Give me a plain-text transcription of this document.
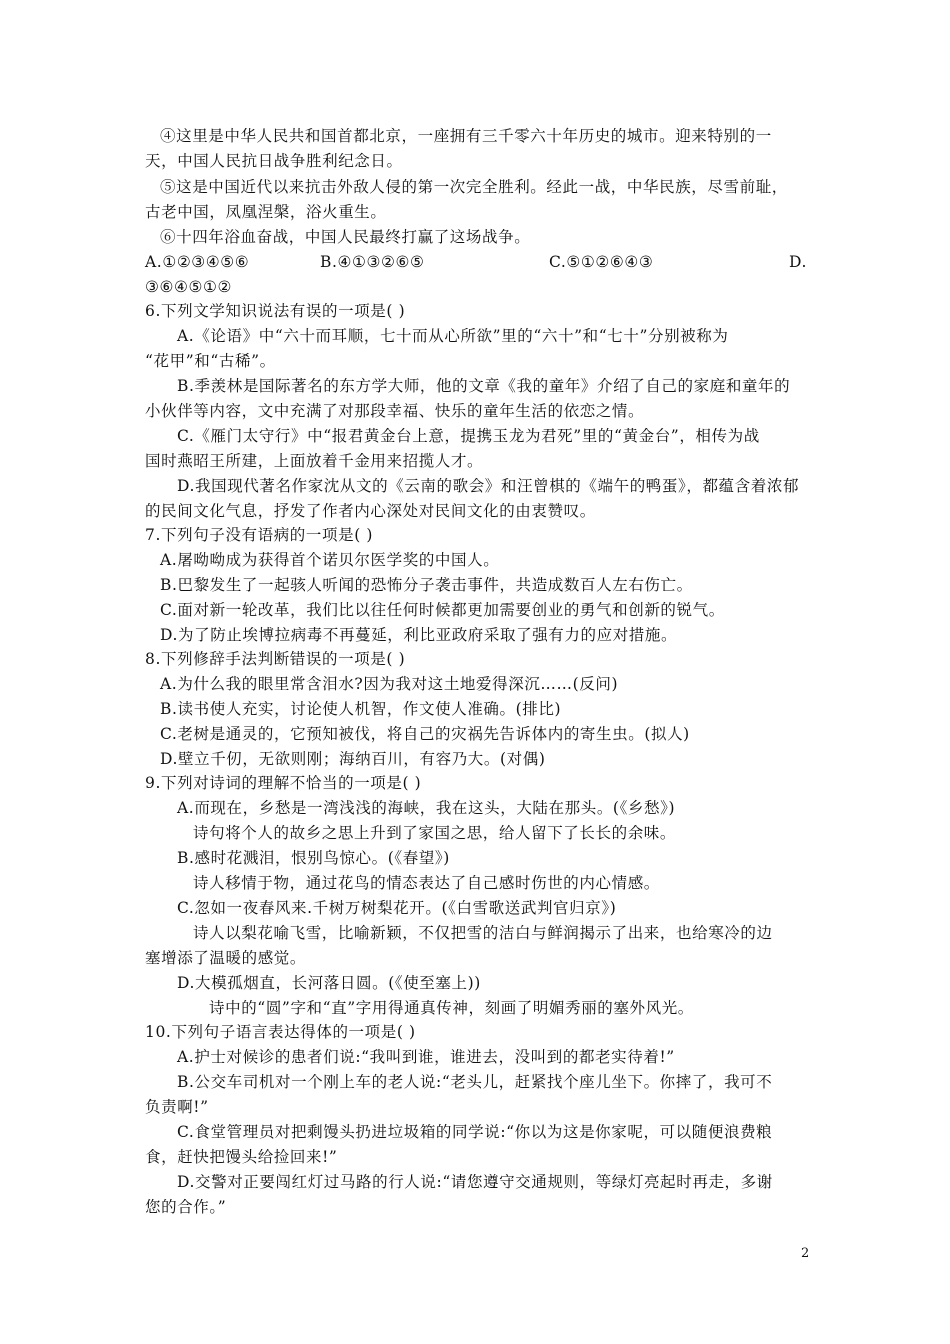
④这里是中华人民共和国首都北京，一座拥有三千零六十年历史的城市。迎来特别的一
天，中国人民抗日战争胜利纪念日。
⑤这是中国近代以来抗击外敌人侵的第一次完全胜利。经此一战，中华民族，尽雪前耻，
古老中国，凤凰涅槃，浴火重生。
⑥十四年浴血奋战，中国人民最终打赢了这场战争。
A.①②③④⑤⑥	B.④①③②⑥⑤	C.⑤①②⑥④③	D.
③⑥④⑤①②
6.下列文学知识说法有误的一项是( )
A.《论语》中“六十而耳顺，七十而从心所欲”里的“六十”和“七十”分别被称为
“花甲”和“古稀”。
B.季羡林是国际著名的东方学大师，他的文章《我的童年》介绍了自己的家庭和童年的
小伙伴等内容，文中充满了对那段幸福、快乐的童年生活的依恋之情。
C.《雁门太守行》中“报君黄金台上意，提携玉龙为君死”里的“黄金台”，相传为战
国时燕昭王所建，上面放着千金用来招揽人才。
D.我国现代著名作家沈从文的《云南的歌会》和汪曾棋的《端午的鸭蛋》，都蕴含着浓郁
的民间文化气息，抒发了作者内心深处对民间文化的由衷赞叹。
7.下列句子没有语病的一项是( )
A.屠呦呦成为获得首个诺贝尔医学奖的中国人。
B.巴黎发生了一起骇人听闻的恐怖分子袭击事件，共造成数百人左右伤亡。
C.面对新一轮改革，我们比以往任何时候都更加需要创业的勇气和创新的锐气。
D.为了防止埃博拉病毒不再蔓延，利比亚政府采取了强有力的应对措施。
8.下列修辞手法判断错误的一项是( )
A.为什么我的眼里常含泪水?因为我对这土地爱得深沉……(反问)
B.读书使人充实，讨论使人机智，作文使人准确。(排比)
C.老树是通灵的，它预知被伐，将自己的灾祸先告诉体内的寄生虫。(拟人)
D.壁立千仞，无欲则刚；海纳百川，有容乃大。(对偶)
9.下列对诗词的理解不恰当的一项是( )
A.而现在，乡愁是一湾浅浅的海峡，我在这头，大陆在那头。(《乡愁》)
诗句将个人的故乡之思上升到了家国之思，给人留下了长长的余味。
B.感时花溅泪，恨别鸟惊心。(《春望》)
诗人移情于物，通过花鸟的情态表达了自己感时伤世的内心情感。
C.忽如一夜春风来.千树万树梨花开。(《白雪歌送武判官归京》)
诗人以梨花喻飞雪，比喻新颖，不仅把雪的洁白与鲜润揭示了出来，也给寒冷的边
塞增添了温暖的感觉。
D.大模孤烟直，长河落日圆。(《使至塞上))
诗中的“圆”字和“直”字用得通真传神，刻画了明媚秀丽的塞外风光。
10.下列句子语言表达得体的一项是( )
A.护士对候诊的患者们说:“我叫到谁，谁进去，没叫到的都老实待着!”
B.公交车司机对一个刚上车的老人说:“老头儿，赶紧找个座儿坐下。你摔了，我可不
负责啊!”
C.食堂管理员对把剩馒头扔进垃圾箱的同学说:“你以为这是你家呢，可以随便浪费粮
食，赶快把馒头给捡回来!”
D.交警对正要闯红灯过马路的行人说:“请您遵守交通规则，等绿灯亮起时再走，多谢
您的合作。”
2
